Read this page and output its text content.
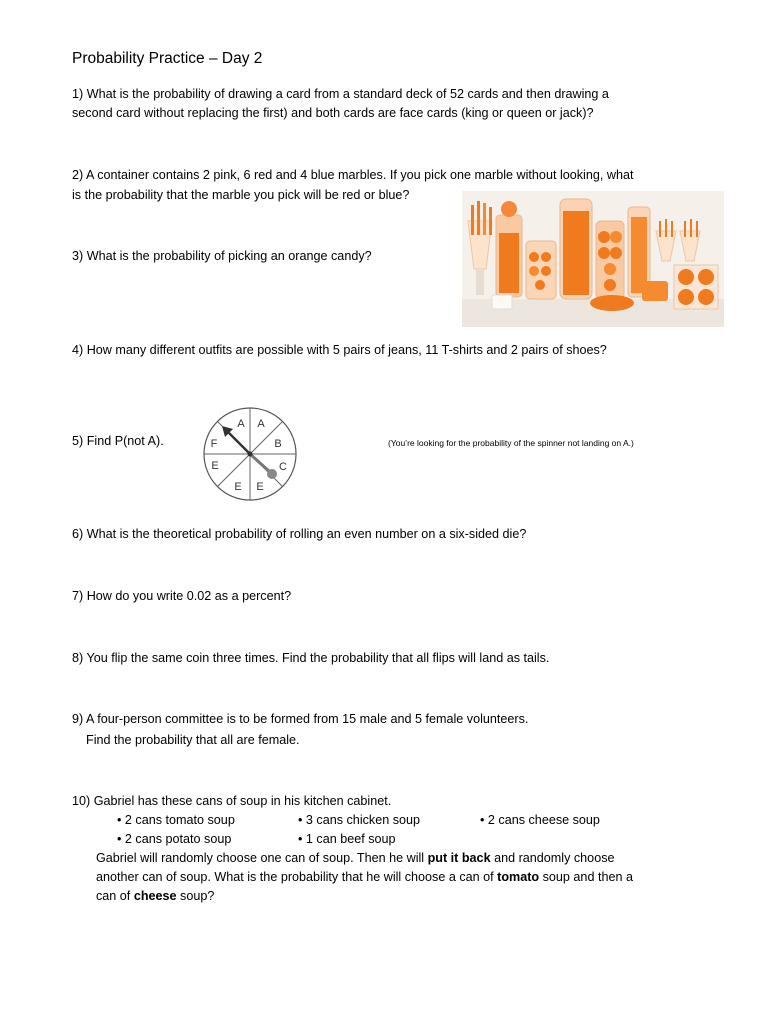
Probability Practice – Day 2
1) What is the probability of drawing a card from a standard deck of 52 cards and then drawing a
second card without replacing the first) and both cards are face cards (king or queen or jack)?
2) A container contains 2 pink, 6 red and 4 blue marbles. If you pick one marble without looking, what
is the probability that the marble you pick will be red or blue?
3) What is the probability of picking an orange candy?
4) How many different outfits are possible with 5 pairs of jeans, 11 T-shirts and 2 pairs of shoes?
5) Find P(not A).
A A
B
C
E
E
E
F	(You’re looking for the probability of the spinner not landing on A.)
6) What is the theoretical probability of rolling an even number on a six-sided die?
7) How do you write 0.02 as a percent?
8) You flip the same coin three times. Find the probability that all flips will land as tails.
9) A four-person committee is to be formed from 15 male and 5 female volunteers.
Find the probability that all are female.
10) Gabriel has these cans of soup in his kitchen cabinet.
• 2 cans tomato soup	• 3 cans chicken soup	• 2 cans cheese soup
• 2 cans potato soup	• 1 can beef soup
Gabriel will randomly choose one can of soup. Then he will put it back and randomly choose
another can of soup. What is the probability that he will choose a can of tomato soup and then a
can of cheese soup?
